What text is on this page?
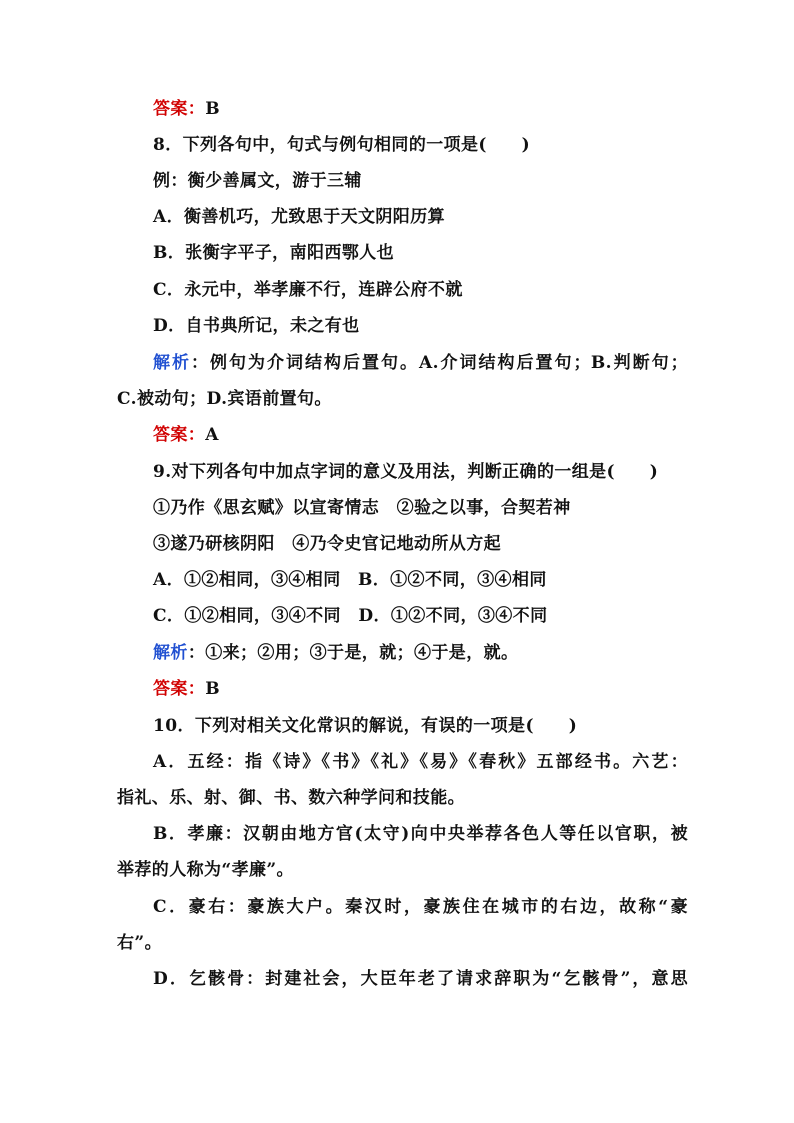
答案：B
8．下列各句中，句式与例句相同的一项是(　　)
例：衡少善属文，游于三辅
A．衡善机巧，尤致思于天文阴阳历算
B．张衡字平子，南阳西鄂人也
C．永元中，举孝廉不行，连辟公府不就
D．自书典所记，未之有也
解析：例句为介词结构后置句。A.介词结构后置句；B.判断句；
C.被动句；D.宾语前置句。
答案：A
9.对下列各句中加点字词的意义及用法，判断正确的一组是(　　)
①乃作《思玄赋》以宣寄情志　②验之以事，合契若神
③遂乃研核阴阳　④乃令史官记地动所从方起
A．①②相同，③④相同　B．①②不同，③④相同
C．①②相同，③④不同　D．①②不同，③④不同
解析：①来；②用；③于是，就；④于是，就。
答案：B
10．下列对相关文化常识的解说，有误的一项是(　　)
A．五经：指《诗》《书》《礼》《易》《春秋》五部经书。六艺：
指礼、乐、射、御、书、数六种学问和技能。
B．孝廉：汉朝由地方官(太守)向中央举荐各色人等任以官职，被
举荐的人称为“孝廉”。
C．豪右：豪族大户。秦汉时，豪族住在城市的右边，故称“豪
右”。
D．乞骸骨：封建社会，大臣年老了请求辞职为“乞骸骨”，意思
